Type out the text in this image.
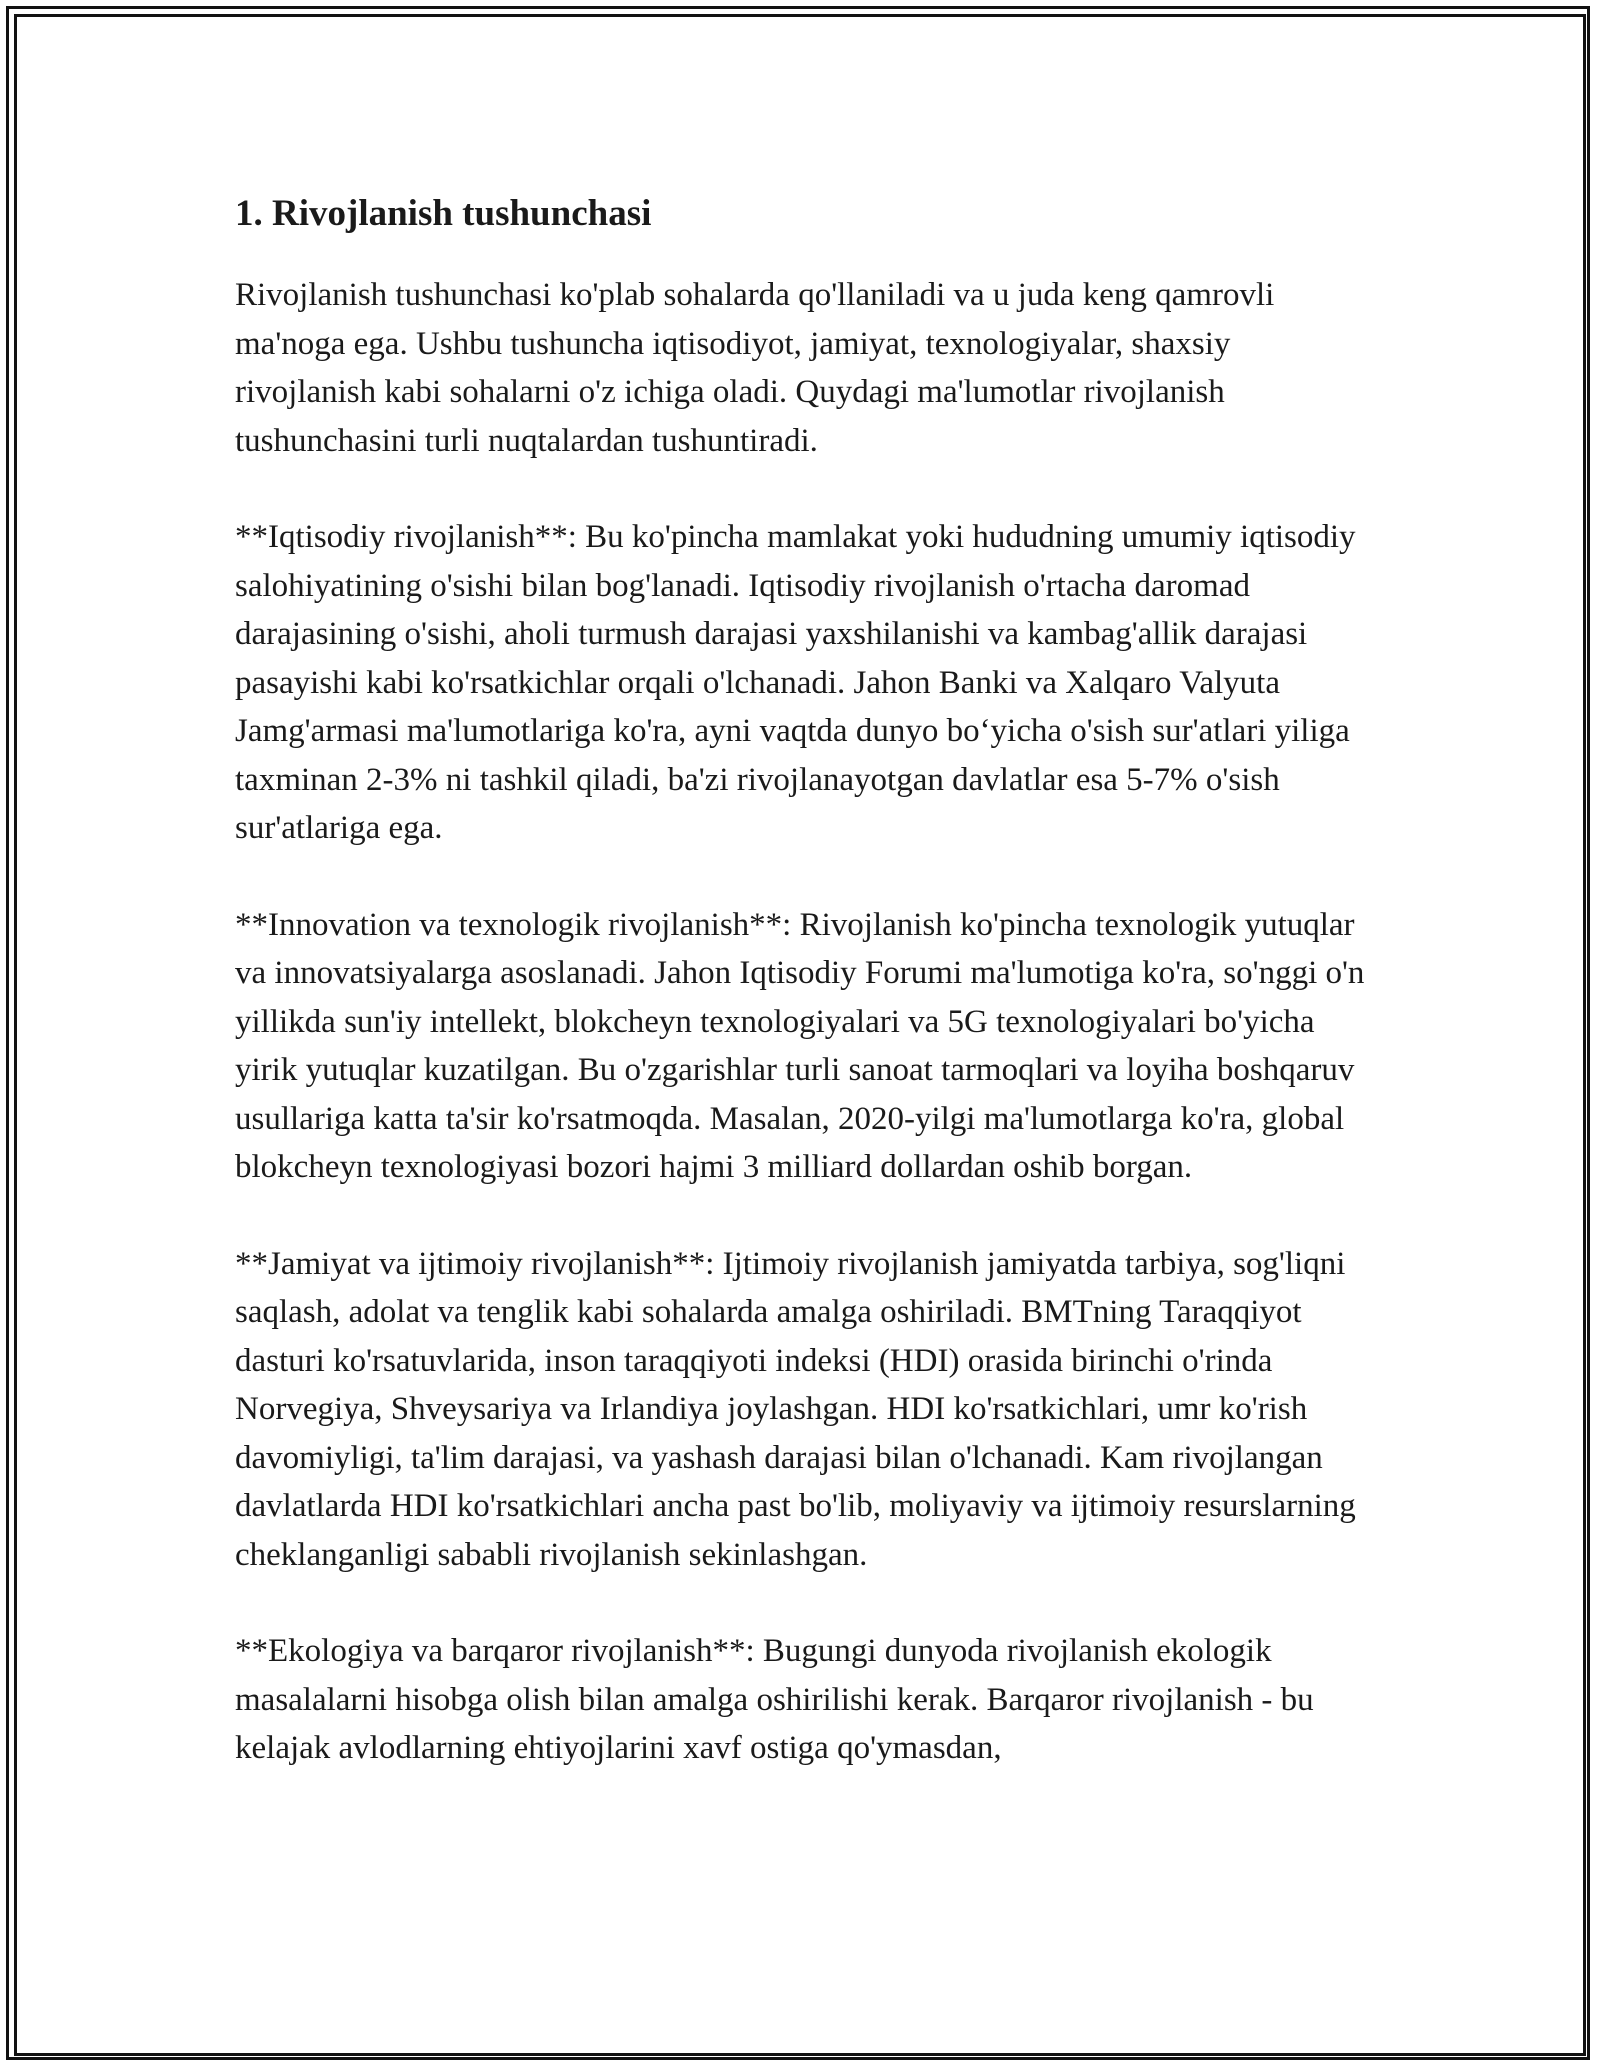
1. Rivojlanish tushunchasi

Rivojlanish tushunchasi ko'plab sohalarda qo'llaniladi va u juda keng qamrovli ma'noga ega. Ushbu tushuncha iqtisodiyot, jamiyat, texnologiyalar, shaxsiy rivojlanish kabi sohalarni o'z ichiga oladi. Quydagi ma'lumotlar rivojlanish tushunchasini turli nuqtalardan tushuntiradi.

**Iqtisodiy rivojlanish**: Bu ko'pincha mamlakat yoki hududning umumiy iqtisodiy salohiyatining o'sishi bilan bog'lanadi. Iqtisodiy rivojlanish o'rtacha daromad darajasining o'sishi, aholi turmush darajasi yaxshilanishi va kambag'allik darajasi pasayishi kabi ko'rsatkichlar orqali o'lchanadi. Jahon Banki va Xalqaro Valyuta Jamg'armasi ma'lumotlariga ko'ra, ayni vaqtda dunyo bo‘yicha o'sish sur'atlari yiliga taxminan 2-3% ni tashkil qiladi, ba'zi rivojlanayotgan davlatlar esa 5-7% o'sish sur'atlariga ega.

**Innovation va texnologik rivojlanish**: Rivojlanish ko'pincha texnologik yutuqlar va innovatsiyalarga asoslanadi. Jahon Iqtisodiy Forumi ma'lumotiga ko'ra, so'nggi o'n yillikda sun'iy intellekt, blokcheyn texnologiyalari va 5G texnologiyalari bo'yicha yirik yutuqlar kuzatilgan. Bu o'zgarishlar turli sanoat tarmoqlari va loyiha boshqaruv usullariga katta ta'sir ko'rsatmoqda. Masalan, 2020-yilgi ma'lumotlarga ko'ra, global blokcheyn texnologiyasi bozori hajmi 3 milliard dollardan oshib borgan.

**Jamiyat va ijtimoiy rivojlanish**: Ijtimoiy rivojlanish jamiyatda tarbiya, sog'liqni saqlash, adolat va tenglik kabi sohalarda amalga oshiriladi. BMTning Taraqqiyot dasturi ko'rsatuvlarida, inson taraqqiyoti indeksi (HDI) orasida birinchi o'rinda Norvegiya, Shveysariya va Irlandiya joylashgan. HDI ko'rsatkichlari, umr ko'rish davomiyligi, ta'lim darajasi, va yashash darajasi bilan o'lchanadi. Kam rivojlangan davlatlarda HDI ko'rsatkichlari ancha past bo'lib, moliyaviy va ijtimoiy resurslarning cheklanganligi sababli rivojlanish sekinlashgan.

**Ekologiya va barqaror rivojlanish**: Bugungi dunyoda rivojlanish ekologik masalalarni hisobga olish bilan amalga oshirilishi kerak. Barqaror rivojlanish - bu kelajak avlodlarning ehtiyojlarini xavf ostiga qo'ymasdan,
